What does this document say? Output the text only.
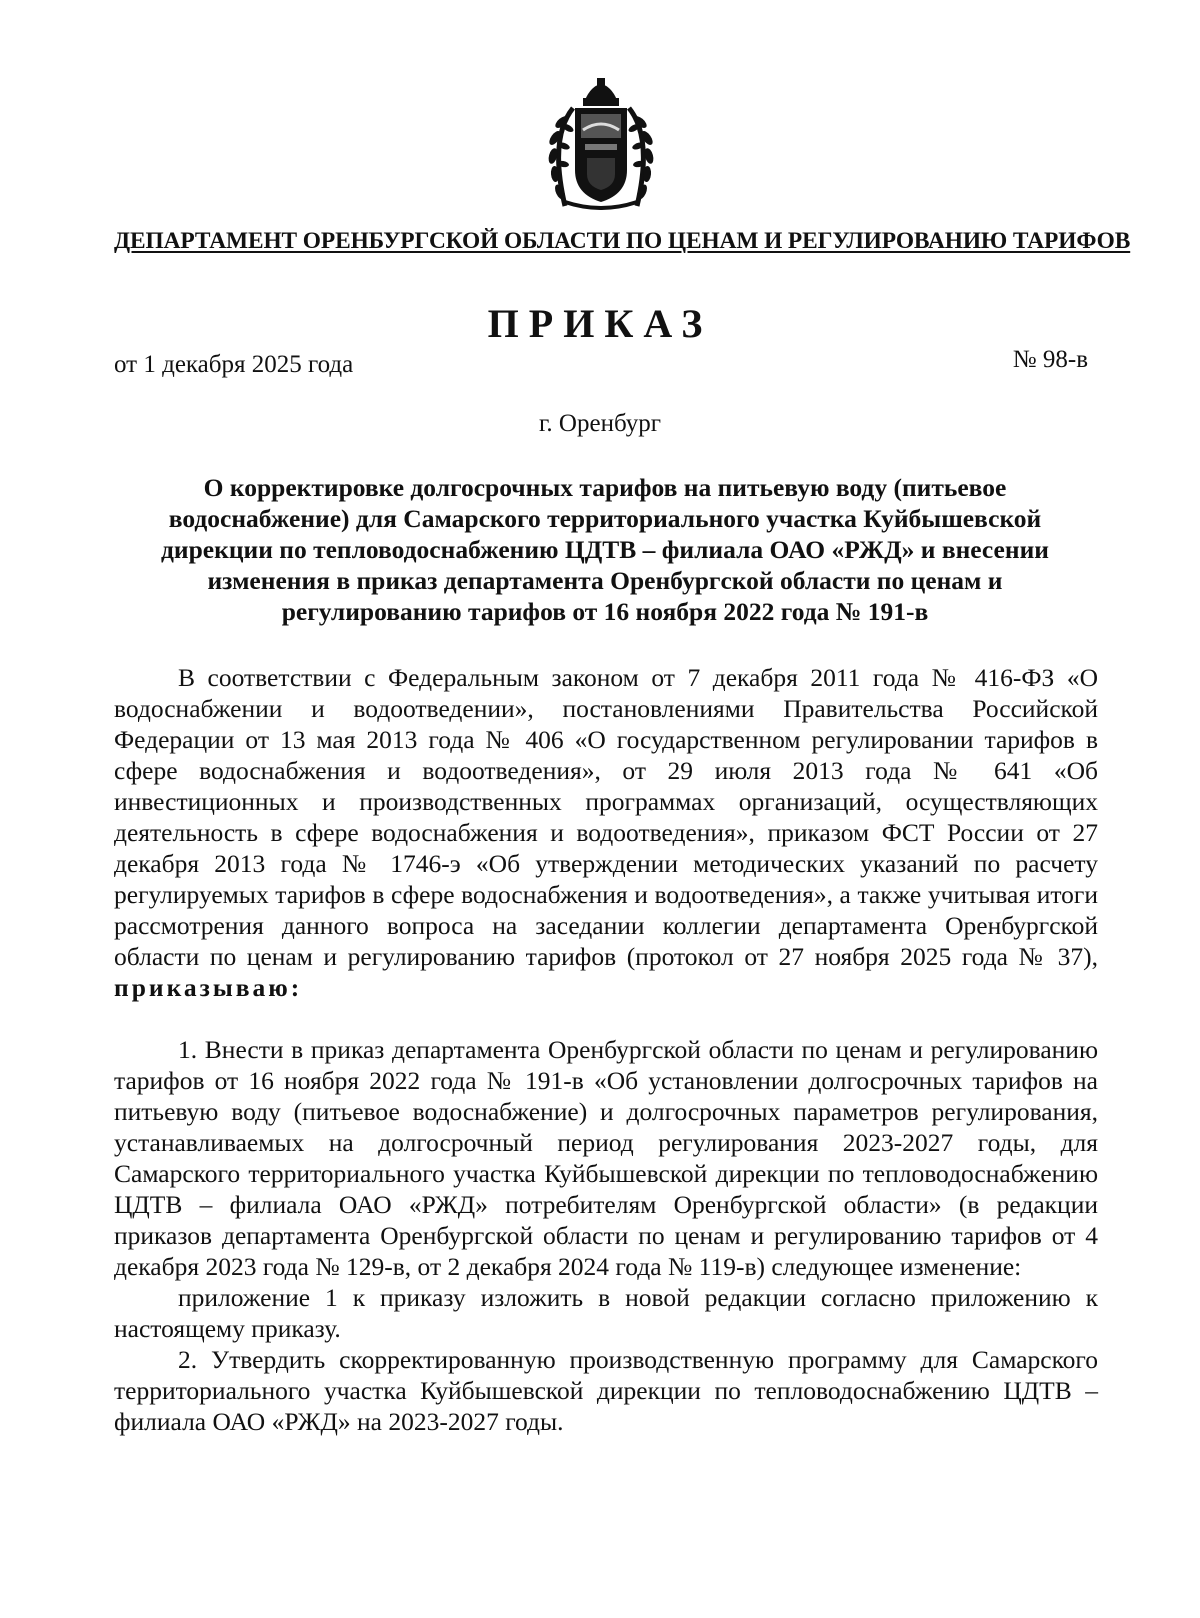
ДЕПАРТАМЕНТ ОРЕНБУРГСКОЙ ОБЛАСТИ ПО ЦЕНАМ И РЕГУЛИРОВАНИЮ ТАРИФОВ
ПРИКАЗ
от 1 декабря 2025 года	№ 98-в
г. Оренбург
О корректировке долгосрочных тарифов на питьевую воду (питьевое водоснабжение) для Самарского территориального участка Куйбышевской дирекции по тепловодоснабжению ЦДТВ – филиала ОАО «РЖД» и внесении изменения в приказ департамента Оренбургской области по ценам и регулированию тарифов от 16 ноября 2022 года № 191-в

В соответствии с Федеральным законом от 7 декабря 2011 года № 416-ФЗ «О водоснабжении и водоотведении», постановлениями Правительства Российской Федерации от 13 мая 2013 года № 406 «О государственном регулировании тарифов в сфере водоснабжения и водоотведения», от 29 июля 2013 года № 641 «Об инвестиционных и производственных программах организаций, осуществляющих деятельность в сфере водоснабжения и водоотведения», приказом ФСТ России от 27 декабря 2013 года № 1746-э «Об утверждении методических указаний по расчету регулируемых тарифов в сфере водоснабжения и водоотведения», а также учитывая итоги рассмотрения данного вопроса на заседании коллегии департамента Оренбургской области по ценам и регулированию тарифов (протокол от 27 ноября 2025 года № 37), приказываю:

1. Внести в приказ департамента Оренбургской области по ценам и регулированию тарифов от 16 ноября 2022 года № 191-в «Об установлении долгосрочных тарифов на питьевую воду (питьевое водоснабжение) и долгосрочных параметров регулирования, устанавливаемых на долгосрочный период регулирования 2023-2027 годы, для Самарского территориального участка Куйбышевской дирекции по тепловодоснабжению ЦДТВ – филиала ОАО «РЖД» потребителям Оренбургской области» (в редакции приказов департамента Оренбургской области по ценам и регулированию тарифов от 4 декабря 2023 года № 129-в, от 2 декабря 2024 года № 119-в) следующее изменение:

приложение 1 к приказу изложить в новой редакции согласно приложению к настоящему приказу.

2. Утвердить скорректированную производственную программу для Самарского территориального участка Куйбышевской дирекции по тепловодоснабжению ЦДТВ – филиала ОАО «РЖД» на 2023-2027 годы.
